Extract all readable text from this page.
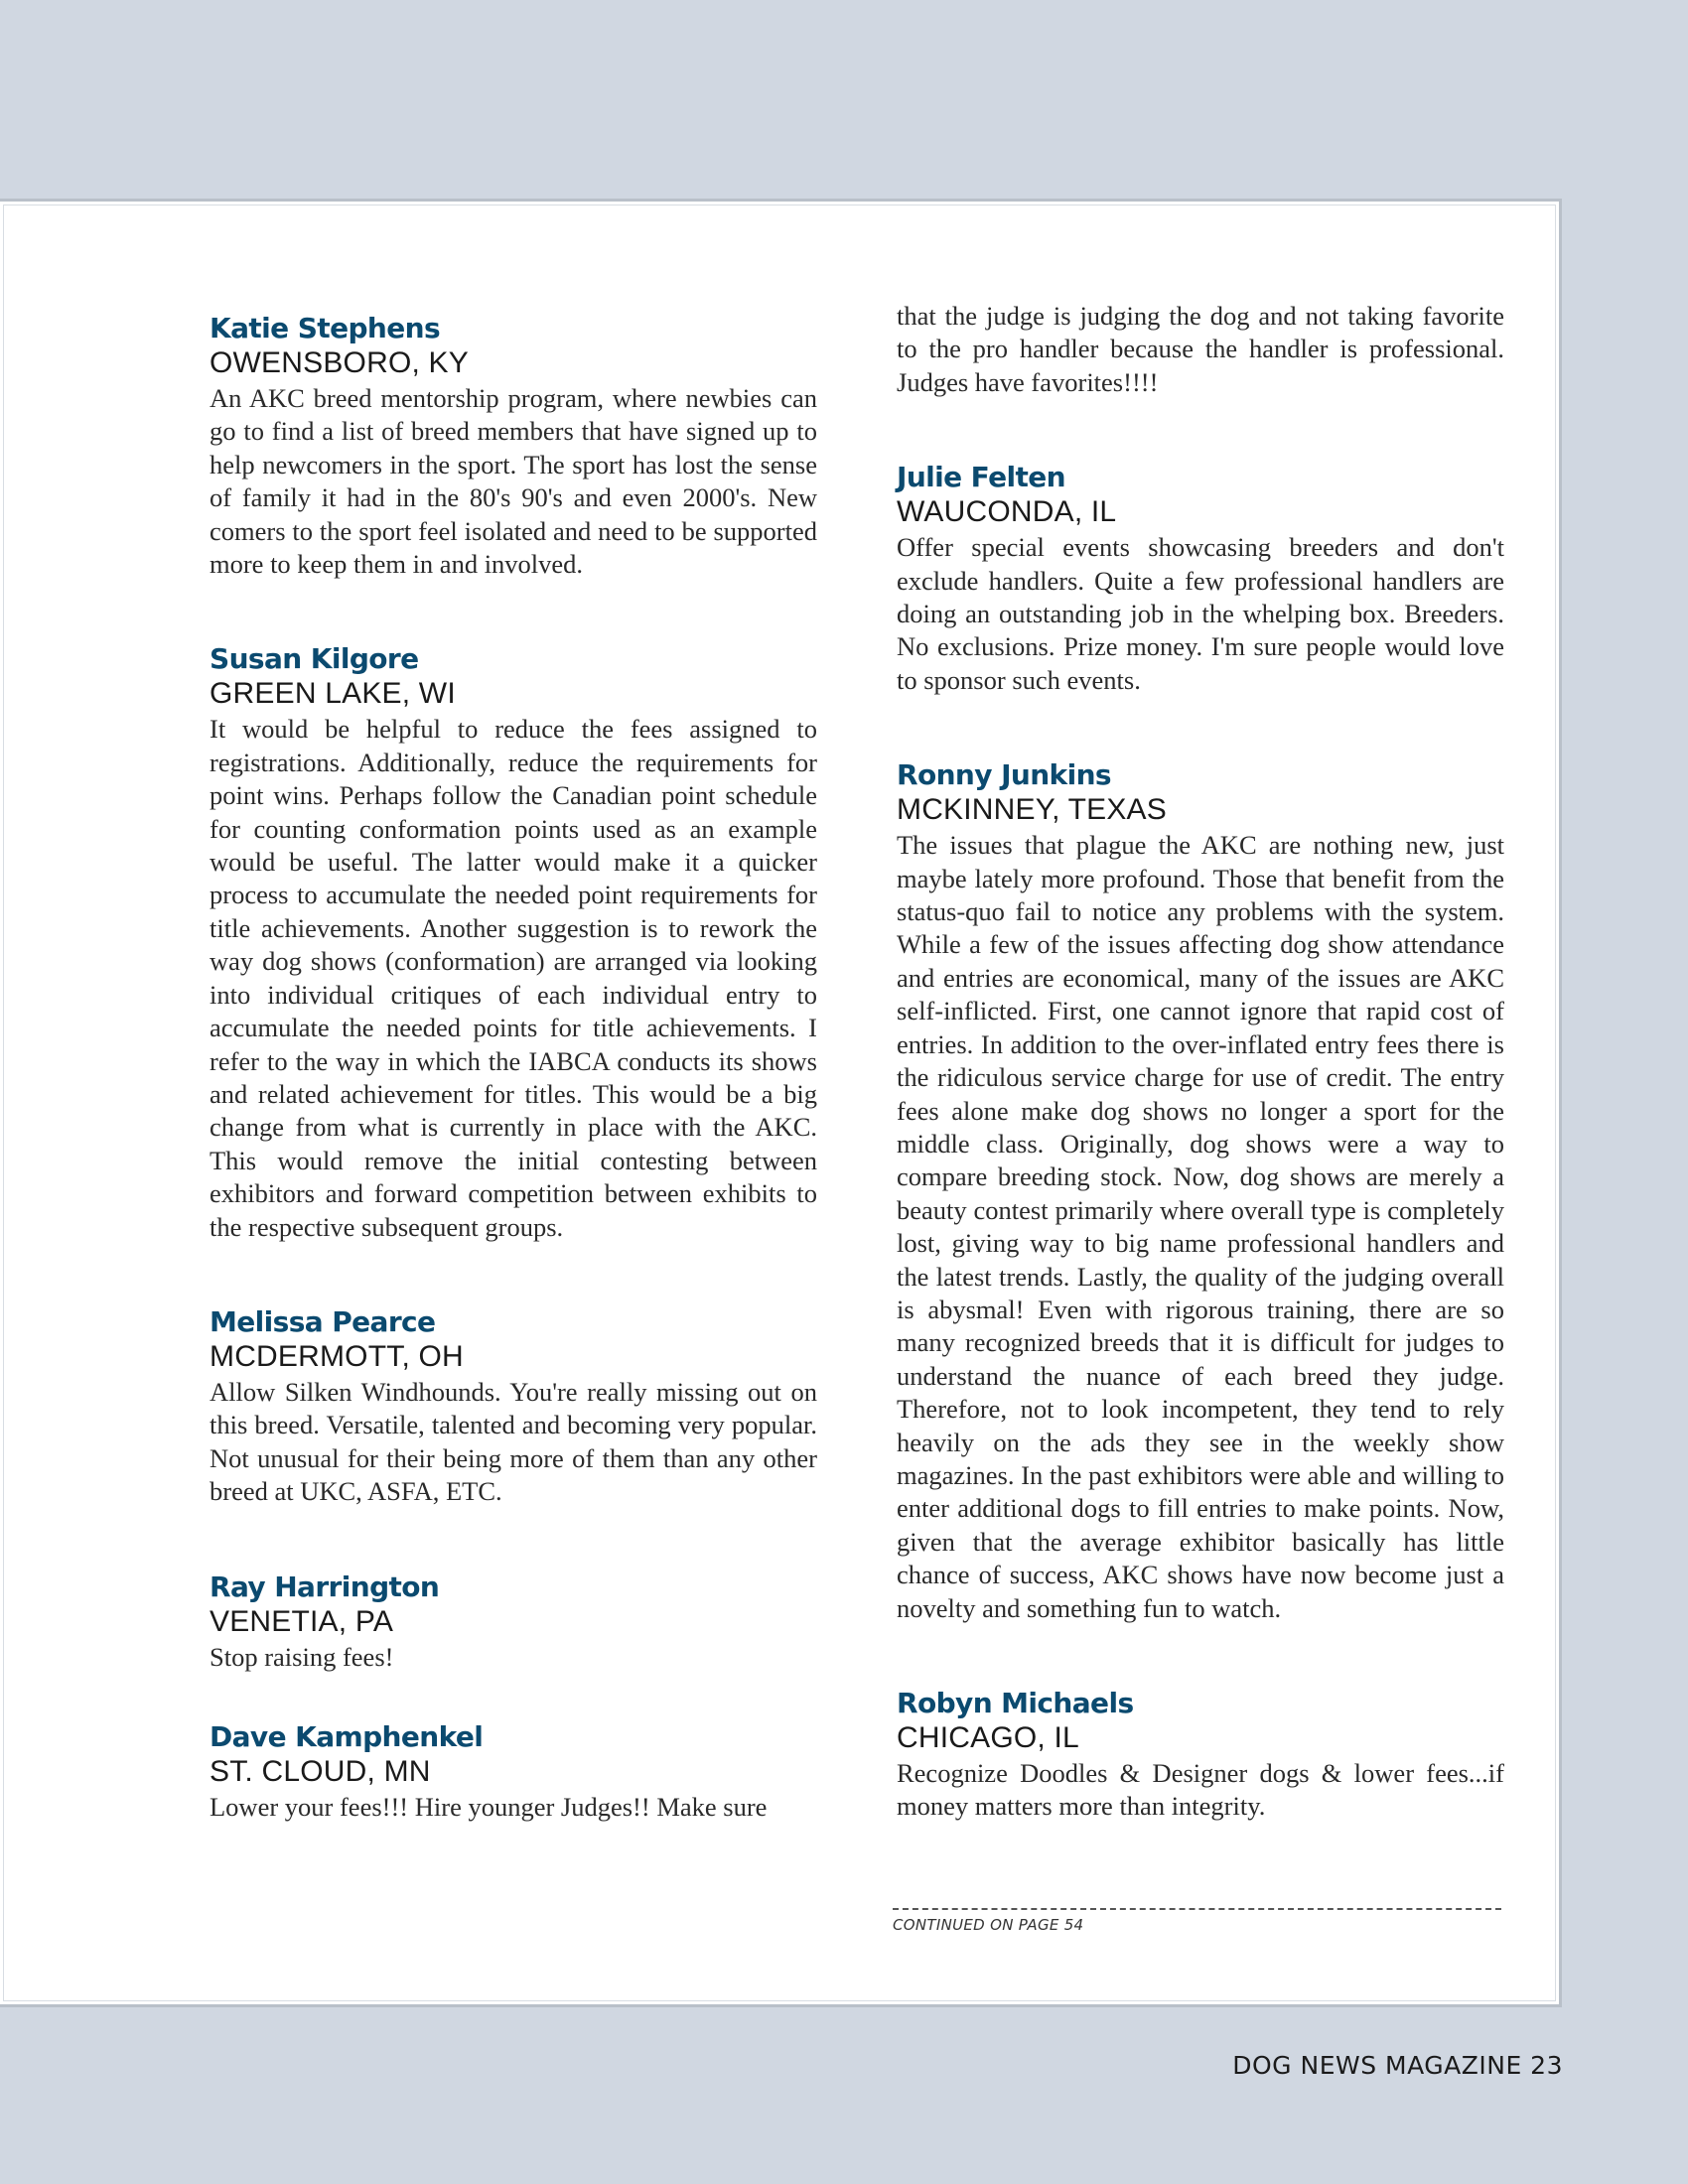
Katie Stephens

OWENSBORO, KY

An AKC breed mentorship program, where newbies can go to find a list of breed members that have signed up to help newcomers in the sport. The sport has lost the sense of family it had in the 80's 90's and even 2000's. New comers to the sport feel isolated and need to be supported more to keep them in and involved.

Susan Kilgore

GREEN LAKE, WI

It would be helpful to reduce the fees assigned to registrations. Additionally, reduce the requirements for point wins. Perhaps follow the Canadian point schedule for counting conformation points used as an example would be useful. The latter would make it a quicker process to accumulate the needed point requirements for title achievements. Another suggestion is to rework the way dog shows (conformation) are arranged via looking into individual critiques of each individual entry to accumulate the needed points for title achievements. I refer to the way in which the IABCA conducts its shows and related achievement for titles. This would be a big change from what is currently in place with the AKC. This would remove the initial contesting between exhibitors and forward competition between exhibits to the respective subsequent groups.

Melissa Pearce

MCDERMOTT, OH

Allow Silken Windhounds. You're really missing out on this breed. Versatile, talented and becoming very popular. Not unusual for their being more of them than any other breed at UKC, ASFA, ETC.

Ray Harrington

VENETIA, PA

Stop raising fees!

Dave Kamphenkel

ST. CLOUD, MN

Lower your fees!!! Hire younger Judges!! Make sure

that the judge is judging the dog and not taking favorite to the pro handler because the handler is professional. Judges have favorites!!!!

Julie Felten

WAUCONDA, IL

Offer special events showcasing breeders and don't exclude handlers. Quite a few professional handlers are doing an outstanding job in the whelping box. Breeders. No exclusions. Prize money. I'm sure people would love to sponsor such events.

Ronny Junkins

MCKINNEY, TEXAS

The issues that plague the AKC are nothing new, just maybe lately more profound. Those that benefit from the status-quo fail to notice any problems with the system. While a few of the issues affecting dog show attendance and entries are economical, many of the issues are AKC self-inflicted. First, one cannot ignore that rapid cost of entries. In addition to the over-inflated entry fees there is the ridiculous service charge for use of credit. The entry fees alone make dog shows no longer a sport for the middle class. Originally, dog shows were a way to compare breeding stock. Now, dog shows are merely a beauty contest primarily where overall type is completely lost, giving way to big name professional handlers and the latest trends. Lastly, the quality of the judging overall is abysmal! Even with rigorous training, there are so many recognized breeds that it is difficult for judges to understand the nuance of each breed they judge. Therefore, not to look incompetent, they tend to rely heavily on the ads they see in the weekly show magazines. In the past exhibitors were able and willing to enter additional dogs to fill entries to make points. Now, given that the average exhibitor basically has little chance of success, AKC shows have now become just a novelty and something fun to watch.

Robyn Michaels

CHICAGO, IL

Recognize Doodles & Designer dogs & lower fees...if money matters more than integrity.

CONTINUED ON PAGE 54
DOG NEWS MAGAZINE 23
